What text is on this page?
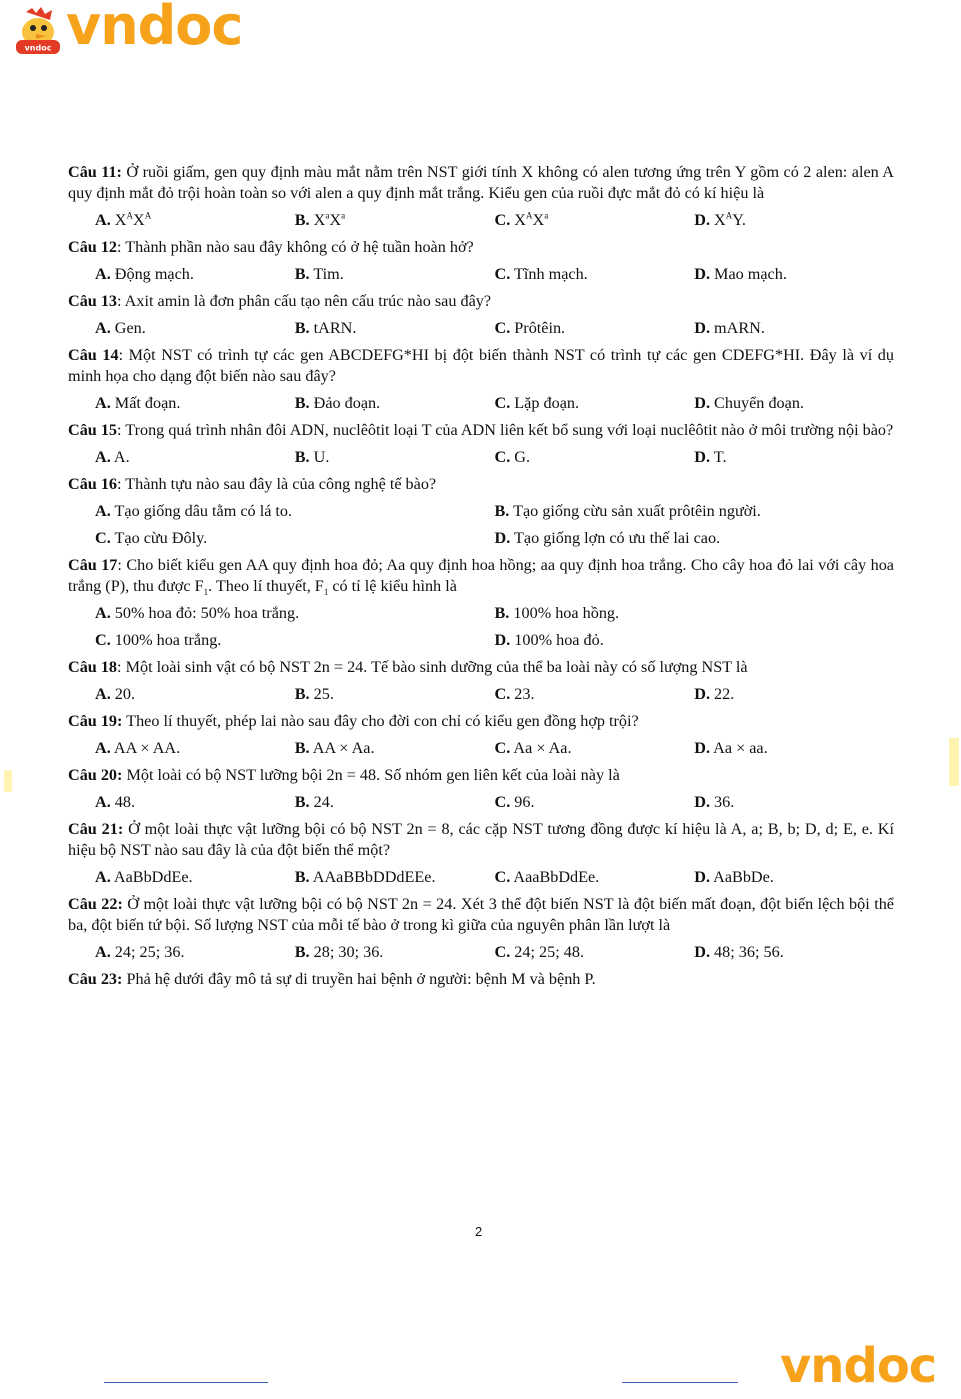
vndoc vndoc

Câu 11: Ở ruồi giấm, gen quy định màu mắt nằm trên NST giới tính X không có alen tương ứng trên Y gồm có 2 alen: alen A quy định mắt đỏ trội hoàn toàn so với alen a quy định mắt trắng. Kiểu gen của ruồi đực mắt đỏ có kí hiệu là

A. $X^AX^A$	B. $X^aX^a$	C. $X^AX^a$	D. $X^AY$.

Câu 12: Thành phần nào sau đây không có ở hệ tuần hoàn hở?

A. Động mạch.	B. Tim.	C. Tĩnh mạch.	D. Mao mạch.

Câu 13: Axit amin là đơn phân cấu tạo nên cấu trúc nào sau đây?

A. Gen.	B. tARN.	C. Prôtêin.	D. mARN.

Câu 14: Một NST có trình tự các gen ABCDEFG*HI bị đột biến thành NST có trình tự các gen CDEFG*HI. Đây là ví dụ minh họa cho dạng đột biến nào sau đây?

A. Mất đoạn.	B. Đảo đoạn.	C. Lặp đoạn.	D. Chuyển đoạn.

Câu 15: Trong quá trình nhân đôi ADN, nuclêôtit loại T của ADN liên kết bổ sung với loại nuclêôtit nào ở môi trường nội bào?

A. A.	B. U.	C. G.	D. T.

Câu 16: Thành tựu nào sau đây là của công nghệ tế bào?

A. Tạo giống dâu tằm có lá to.	B. Tạo giống cừu sản xuất prôtêin người.
C. Tạo cừu Đôly.	D. Tạo giống lợn có ưu thế lai cao.

Câu 17: Cho biết kiểu gen AA quy định hoa đỏ; Aa quy định hoa hồng; aa quy định hoa trắng. Cho cây hoa đỏ lai với cây hoa trắng (P), thu được $F_1$. Theo lí thuyết, $F_1$ có tỉ lệ kiểu hình là

A. 50% hoa đỏ: 50% hoa trắng.	B. 100% hoa hồng.
C. 100% hoa trắng.	D. 100% hoa đỏ.

Câu 18: Một loài sinh vật có bộ NST 2n = 24. Tế bào sinh dưỡng của thể ba loài này có số lượng NST là

A. 20.	B. 25.	C. 23.	D. 22.

Câu 19: Theo lí thuyết, phép lai nào sau đây cho đời con chỉ có kiểu gen đồng hợp trội?

A. AA × AA.	B. AA × Aa.	C. Aa × Aa.	D. Aa × aa.

Câu 20: Một loài có bộ NST lưỡng bội 2n = 48. Số nhóm gen liên kết của loài này là

A. 48.	B. 24.	C. 96.	D. 36.

Câu 21: Ở một loài thực vật lưỡng bội có bộ NST 2n = 8, các cặp NST tương đồng được kí hiệu là A, a; B, b; D, d; E, e. Kí hiệu bộ NST nào sau đây là của đột biến thể một?

A. AaBbDdEe.	B. AAaBBbDDdEEe.	C. AaaBbDdEe.	D. AaBbDe.

Câu 22: Ở một loài thực vật lưỡng bội có bộ NST 2n = 24. Xét 3 thể đột biến NST là đột biến mất đoạn, đột biến lệch bội thể ba, đột biến tứ bội. Số lượng NST của mỗi tế bào ở trong kì giữa của nguyên phân lần lượt là

A. 24; 25; 36.	B. 28; 30; 36.	C. 24; 25; 48.	D. 48; 36; 56.

Câu 23: Phả hệ dưới đây mô tả sự di truyền hai bệnh ở người: bệnh M và bệnh P.

2
vndoc
